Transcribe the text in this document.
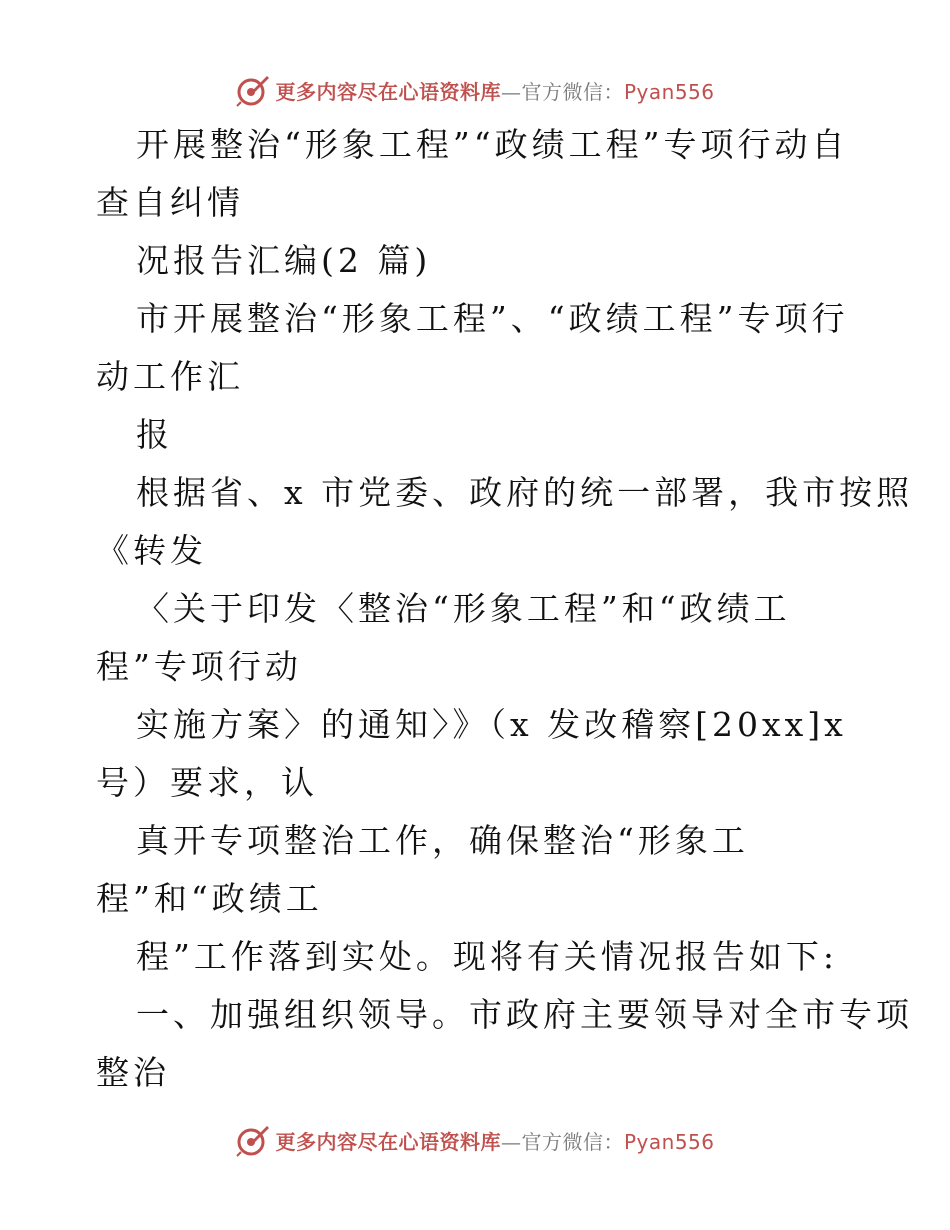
更多内容尽在心语资料库—官方微信：Pyan556
开展整治“形象工程”“政绩工程”专项行动自
查自纠情
况报告汇编(2 篇)
市开展整治“形象工程”、“政绩工程”专项行
动工作汇
报
根据省、x 市党委、政府的统一部署，我市按照
《转发
〈关于印发〈整治“形象工程”和“政绩工
程”专项行动
实施方案〉的通知〉》（x 发改稽察[20xx]x
号）要求，认
真开专项整治工作，确保整治“形象工
程”和“政绩工
程”工作落到实处。现将有关情况报告如下:
一、加强组织领导。市政府主要领导对全市专项
整治
更多内容尽在心语资料库—官方微信：Pyan556
